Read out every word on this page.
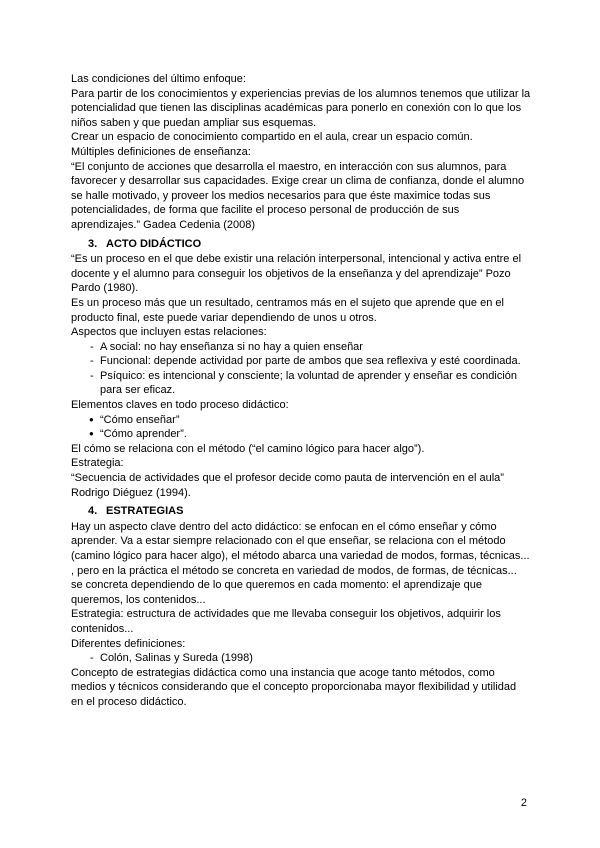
Las condiciones del último enfoque:

Para partir de los conocimientos y experiencias previas de los alumnos tenemos que utilizar la potencialidad que tienen las disciplinas académicas para ponerlo en conexión con lo que los niños saben y que puedan ampliar sus esquemas.

Crear un espacio de conocimiento compartido en el aula, crear un espacio común.

Múltiples definiciones de enseñanza:

“El conjunto de acciones que desarrolla el maestro, en interacción con sus alumnos, para favorecer y desarrollar sus capacidades. Exige crear un clima de confianza, donde el alumno se halle motivado, y proveer los medios necesarios para que éste maximice todas sus potencialidades, de forma que facilite el proceso personal de producción de sus aprendizajes.” Gadea Cedenia (2008)

3. ACTO DIDÁCTICO

“Es un proceso en el que debe existir una relación interpersonal, intencional y activa entre el docente y el alumno para conseguir los objetivos de la enseñanza y del aprendizaje” Pozo Pardo (1980).

Es un proceso más que un resultado, centramos más en el sujeto que aprende que en el producto final, este puede variar dependiendo de unos u otros.

Aspectos que incluyen estas relaciones:

- A social: no hay enseñanza si no hay a quien enseñar
- Funcional: depende actividad por parte de ambos que sea reflexiva y esté coordinada.
- Psíquico: es intencional y consciente; la voluntad de aprender y enseñar es condición para ser eficaz.

Elementos claves en todo proceso didáctico:

● “Cómo enseñar”
● “Cómo aprender”.

El cómo se relaciona con el método (“el camino lógico para hacer algo”).

Estrategia:

“Secuencia de actividades que el profesor decide como pauta de intervención en el aula” Rodrigo Diéguez (1994).

4. ESTRATEGIAS

Hay un aspecto clave dentro del acto didáctico: se enfocan en el cómo enseñar y cómo aprender. Va a estar siempre relacionado con el que enseñar, se relaciona con el método (camino lógico para hacer algo), el método abarca una variedad de modos, formas, técnicas... , pero en la práctica el método se concreta en variedad de modos, de formas, de técnicas... se concreta dependiendo de lo que queremos en cada momento: el aprendizaje que queremos, los contenidos...

Estrategia: estructura de actividades que me llevaba conseguir los objetivos, adquirir los contenidos...

Diferentes definiciones:

- Colón, Salinas y Sureda (1998)

Concepto de estrategias didáctica como una instancia que acoge tanto métodos, como medios y técnicos considerando que el concepto proporcionaba mayor flexibilidad y utilidad en el proceso didáctico.

2
